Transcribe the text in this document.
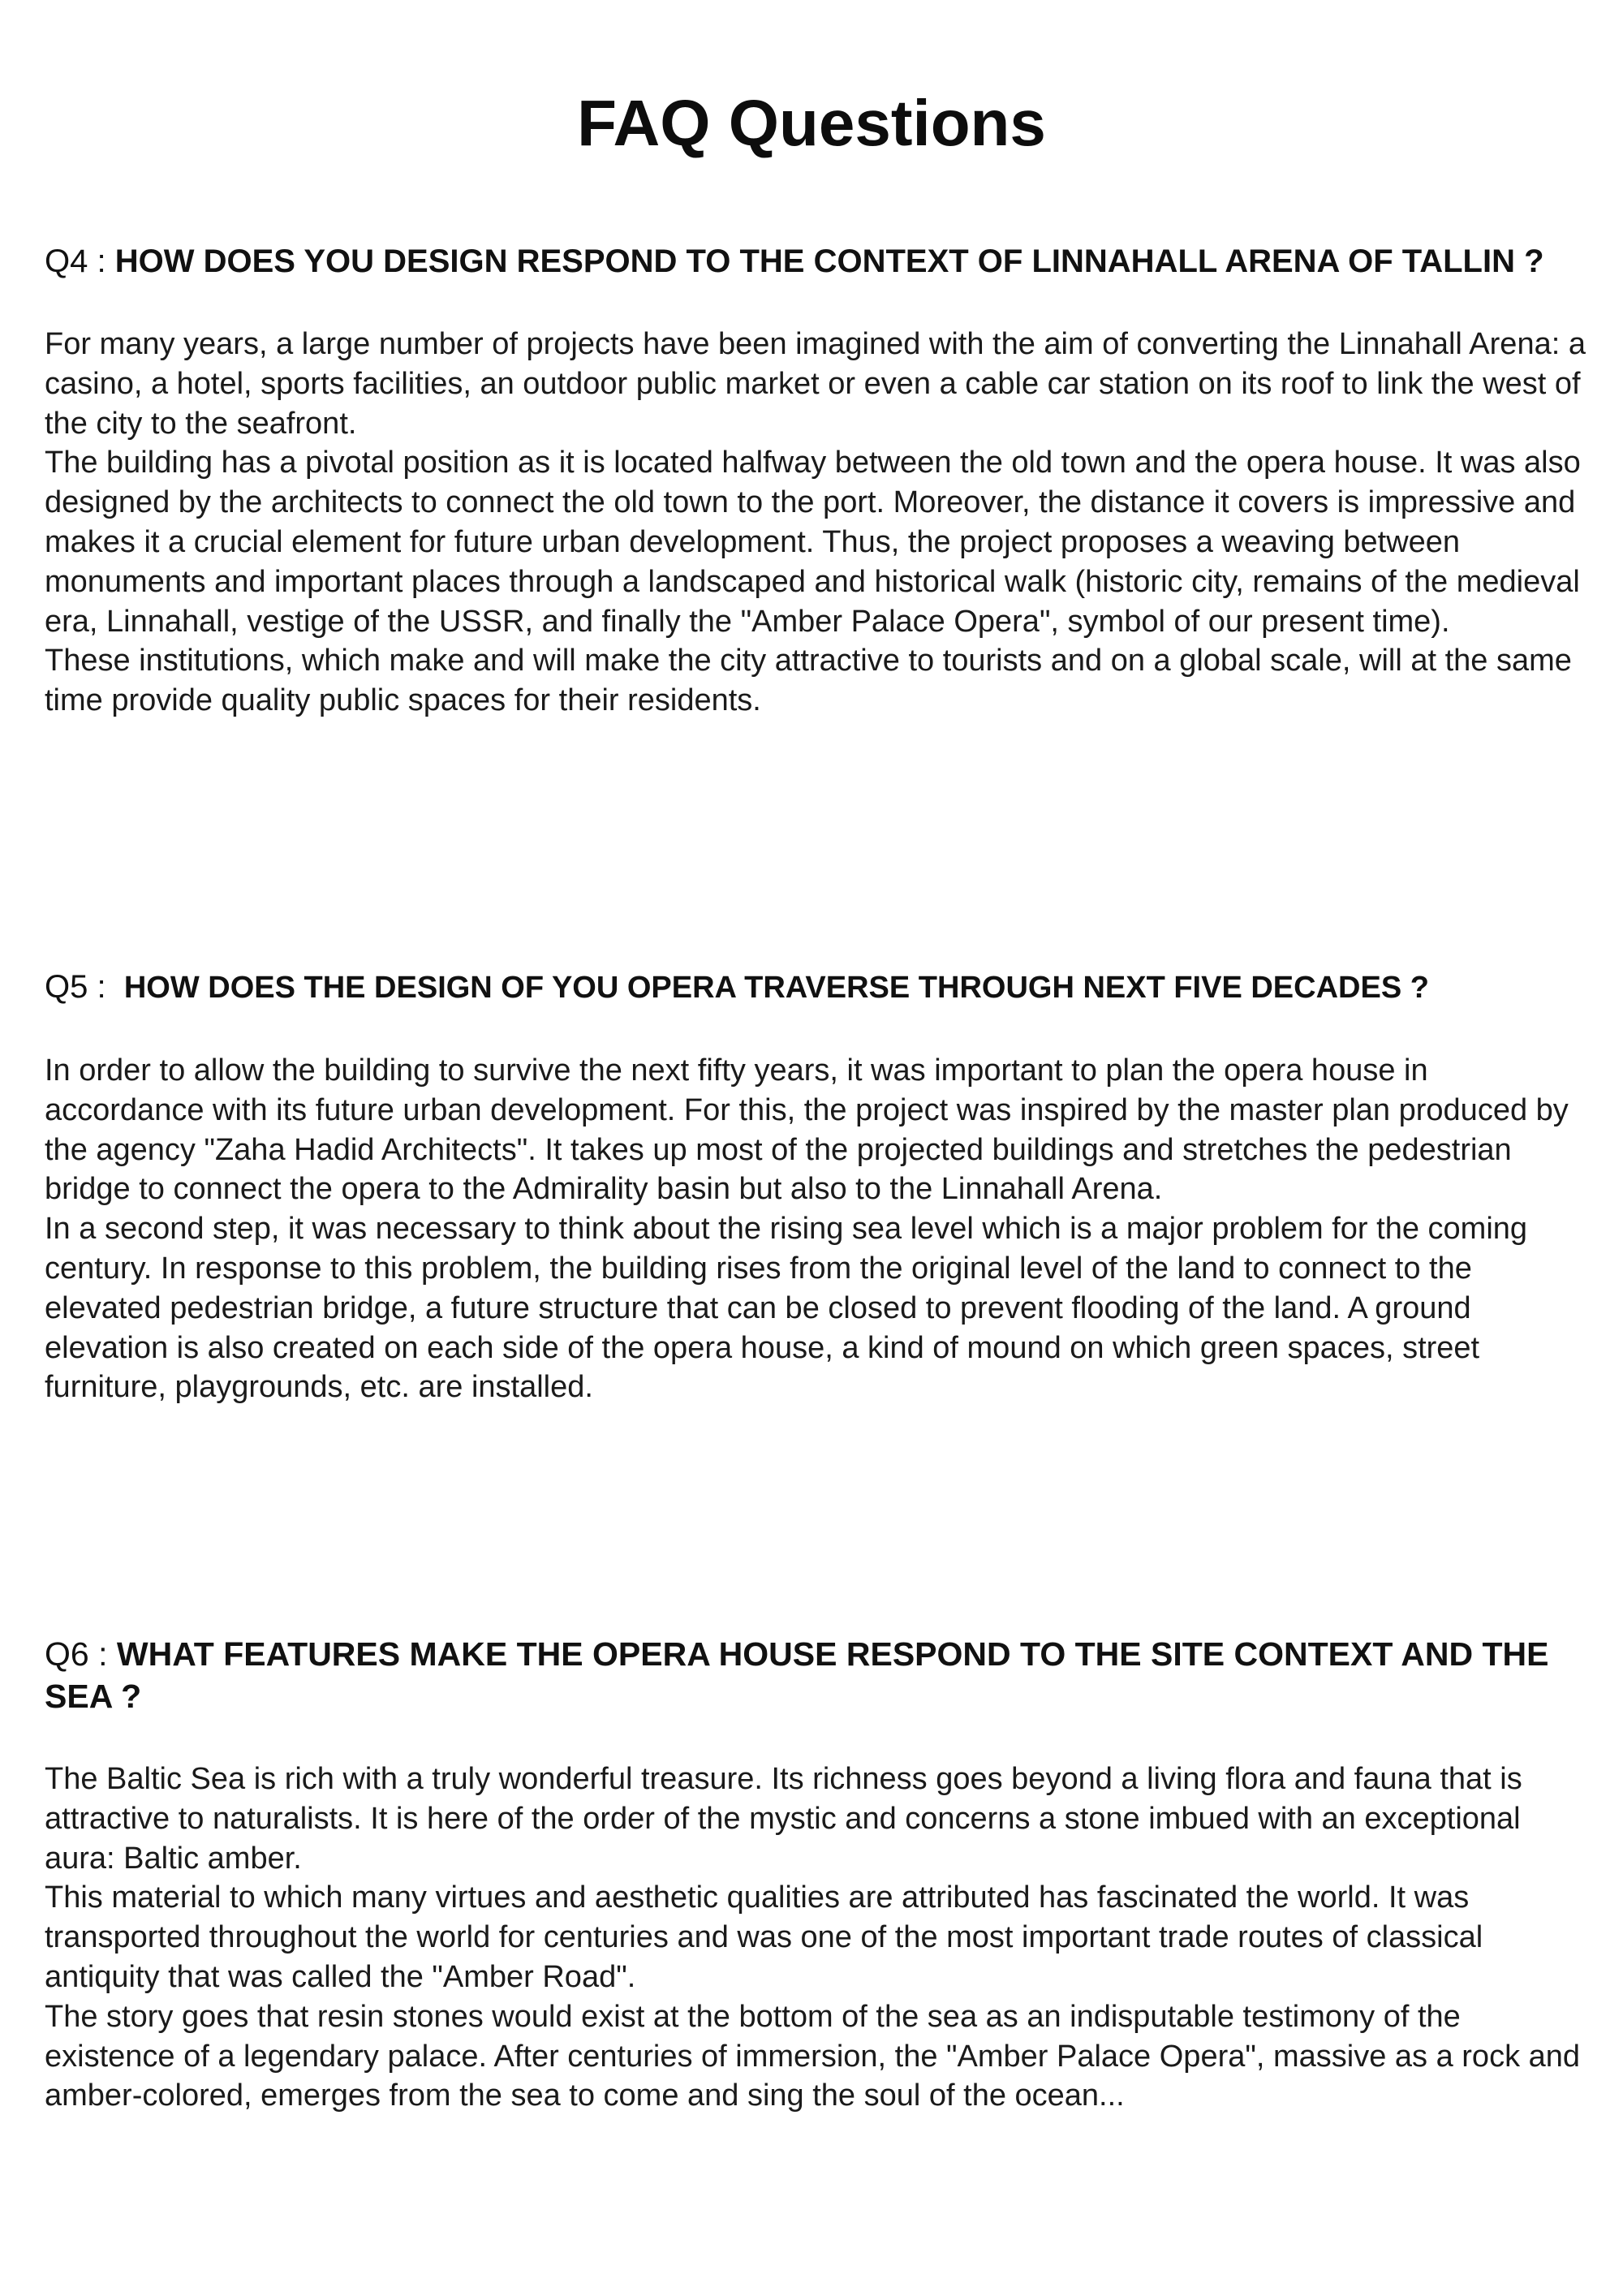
FAQ Questions
Q4 : HOW DOES YOU DESIGN RESPOND TO THE CONTEXT OF LINNAHALL ARENA OF TALLIN ?

For many years, a large number of projects have been imagined with the aim of converting the Linnahall Arena: a casino, a hotel, sports facilities, an outdoor public market or even a cable car station on its roof to link the west of the city to the seafront.

The building has a pivotal position as it is located halfway between the old town and the opera house. It was also designed by the architects to connect the old town to the port. Moreover, the distance it covers is impressive and makes it a crucial element for future urban development. Thus, the project proposes a weaving between monuments and important places through a landscaped and historical walk (historic city, remains of the medieval era, Linnahall, vestige of the USSR, and finally the "Amber Palace Opera", symbol of our present time).

These institutions, which make and will make the city attractive to tourists and on a global scale, will at the same time provide quality public spaces for their residents.

Q5 : HOW DOES THE DESIGN OF YOU OPERA TRAVERSE THROUGH NEXT FIVE DECADES ?

In order to allow the building to survive the next fifty years, it was important to plan the opera house in accordance with its future urban development. For this, the project was inspired by the master plan produced by the agency "Zaha Hadid Architects". It takes up most of the projected buildings and stretches the pedestrian bridge to connect the opera to the Admirality basin but also to the Linnahall Arena.

In a second step, it was necessary to think about the rising sea level which is a major problem for the coming century. In response to this problem, the building rises from the original level of the land to connect to the elevated pedestrian bridge, a future structure that can be closed to prevent flooding of the land. A ground elevation is also created on each side of the opera house, a kind of mound on which green spaces, street furniture, playgrounds, etc. are installed.

Q6 : WHAT FEATURES MAKE THE OPERA HOUSE RESPOND TO THE SITE CONTEXT AND THE SEA ?

The Baltic Sea is rich with a truly wonderful treasure. Its richness goes beyond a living flora and fauna that is attractive to naturalists. It is here of the order of the mystic and concerns a stone imbued with an exceptional aura: Baltic amber.

This material to which many virtues and aesthetic qualities are attributed has fascinated the world. It was transported throughout the world for centuries and was one of the most important trade routes of classical antiquity that was called the "Amber Road".

The story goes that resin stones would exist at the bottom of the sea as an indisputable testimony of the existence of a legendary palace. After centuries of immersion, the "Amber Palace Opera", massive as a rock and amber-colored, emerges from the sea to come and sing the soul of the ocean...
